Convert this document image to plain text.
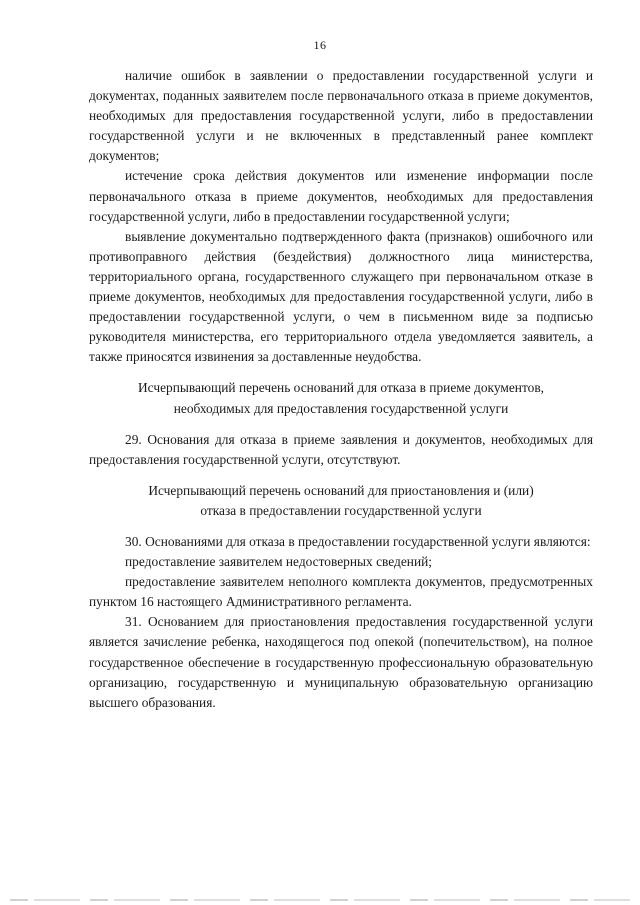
16

наличие ошибок в заявлении о предоставлении государственной услуги и документах, поданных заявителем после первоначального отказа в приеме документов, необходимых для предоставления государственной услуги, либо в предоставлении государственной услуги и не включенных в представленный ранее комплект документов;

истечение срока действия документов или изменение информации после первоначального отказа в приеме документов, необходимых для предоставления государственной услуги, либо в предоставлении государственной услуги;

выявление документально подтвержденного факта (признаков) ошибочного или противоправного действия (бездействия) должностного лица министерства, территориального органа, государственного служащего при первоначальном отказе в приеме документов, необходимых для предоставления государственной услуги, либо в предоставлении государственной услуги, о чем в письменном виде за подписью руководителя министерства, его территориального отдела уведомляется заявитель, а также приносятся извинения за доставленные неудобства.

Исчерпывающий перечень оснований для отказа в приеме документов, необходимых для предоставления государственной услуги

29. Основания для отказа в приеме заявления и документов, необходимых для предоставления государственной услуги, отсутствуют.

Исчерпывающий перечень оснований для приостановления и (или) отказа в предоставлении государственной услуги

30. Основаниями для отказа в предоставлении государственной услуги являются:

предоставление заявителем недостоверных сведений;

предоставление заявителем неполного комплекта документов, предусмотренных пунктом 16 настоящего Административного регламента.

31. Основанием для приостановления предоставления государственной услуги является зачисление ребенка, находящегося под опекой (попечительством), на полное государственное обеспечение в государственную профессиональную образовательную организацию, государственную и муниципальную образовательную организацию высшего образования.
